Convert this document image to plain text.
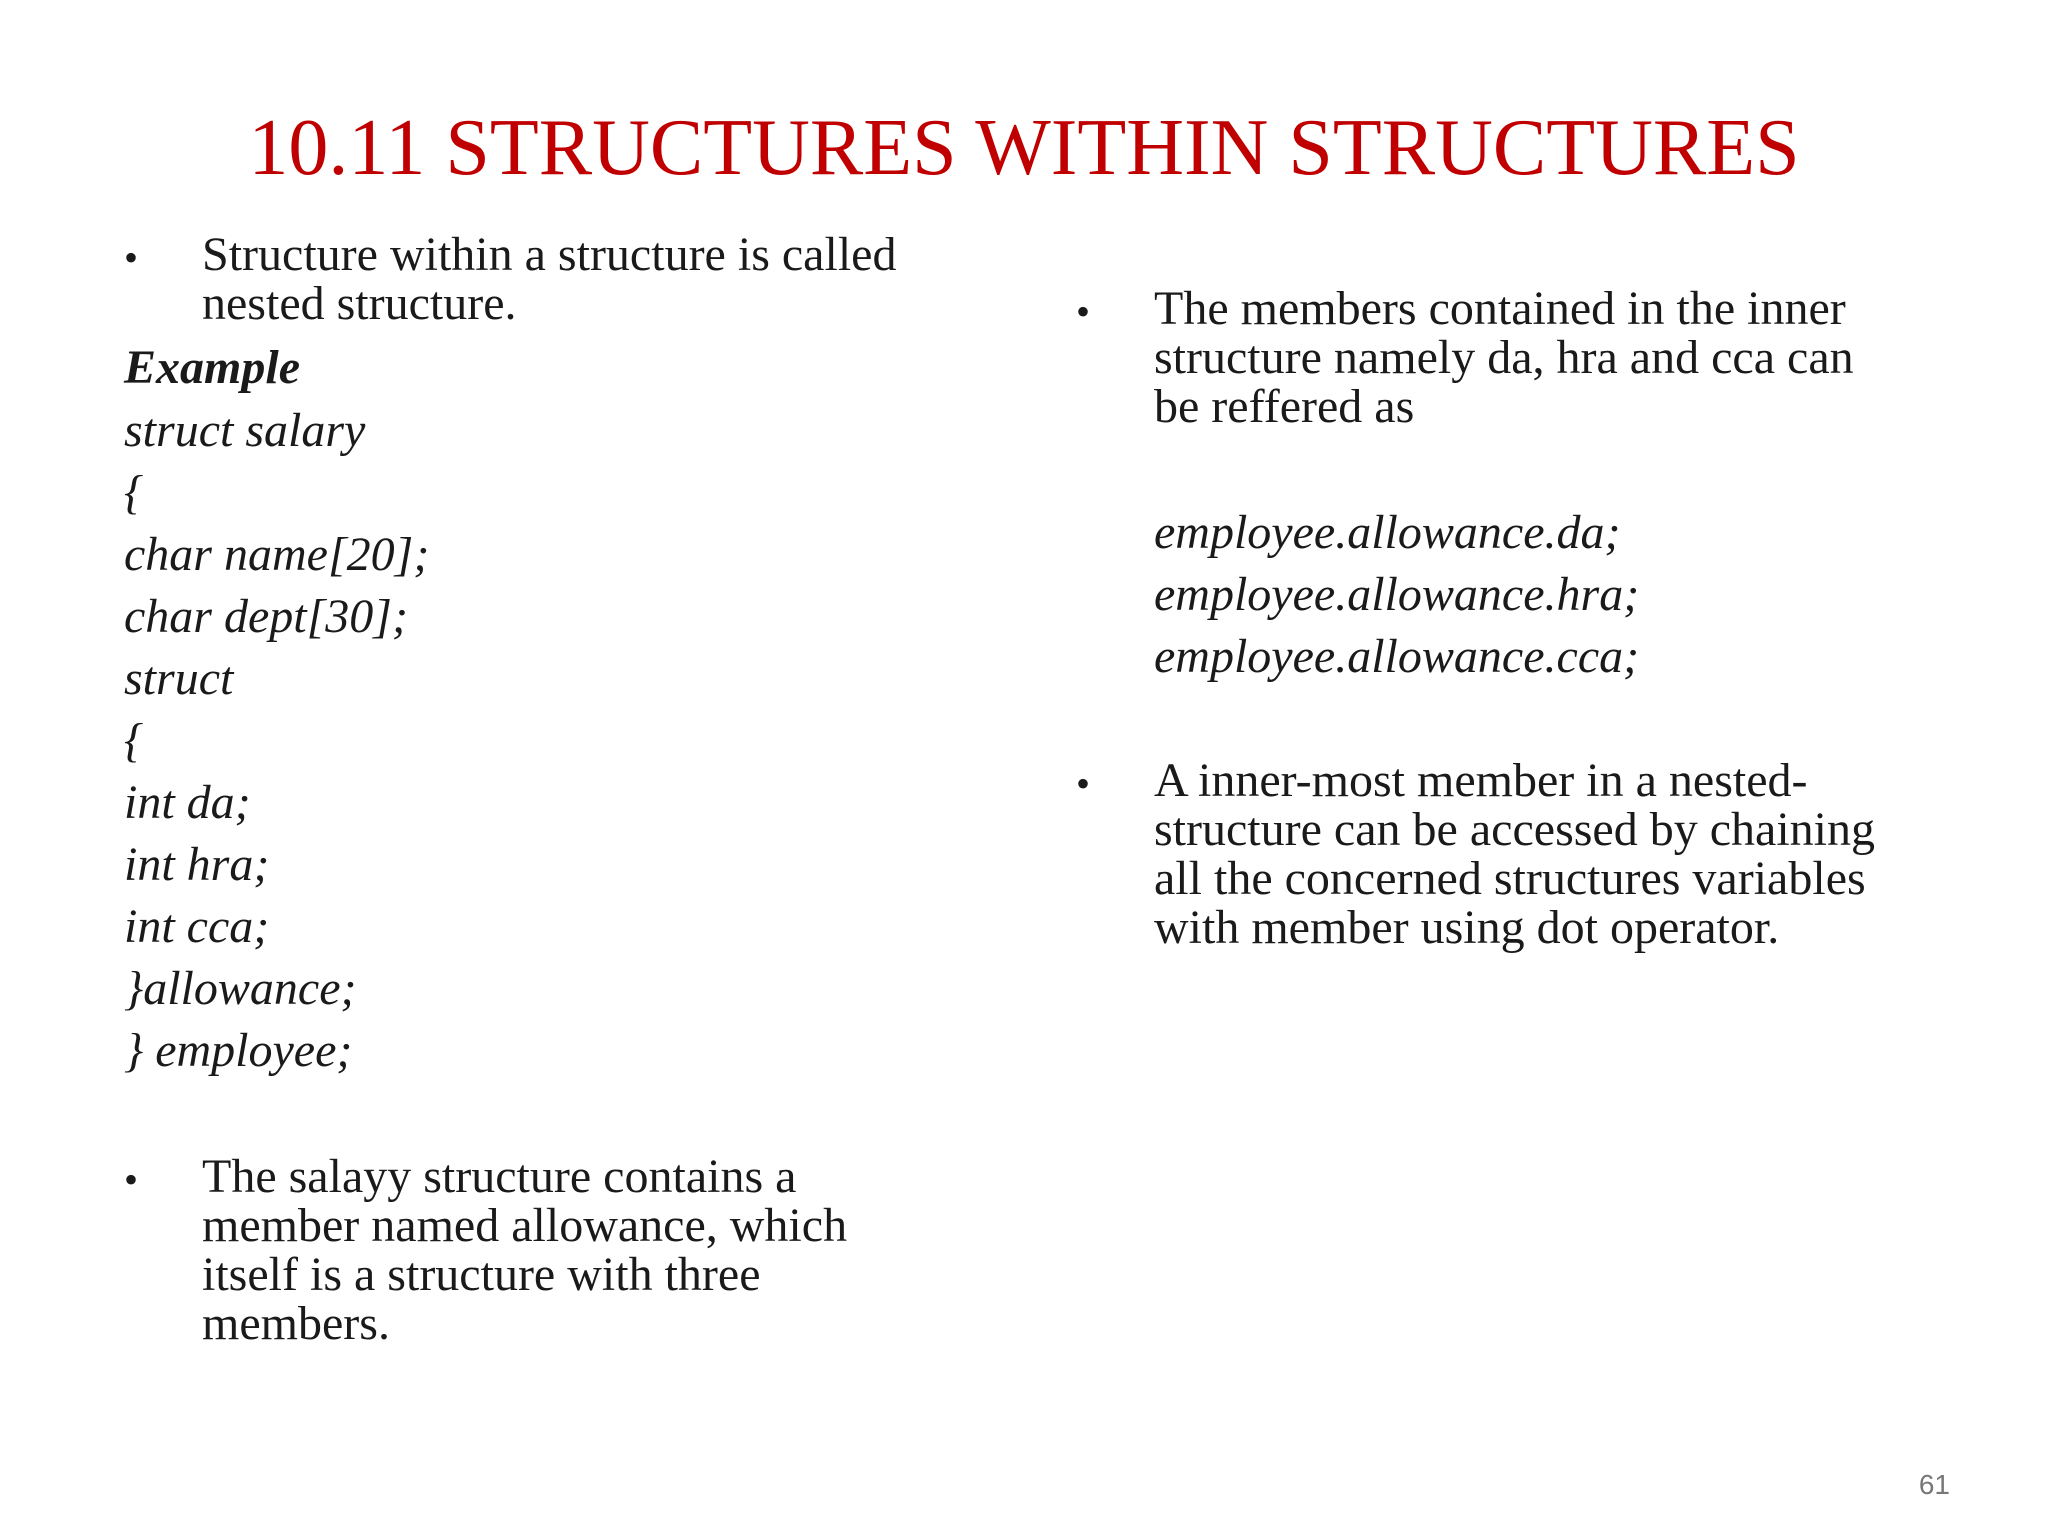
10.11 STRUCTURES WITHIN STRUCTURES
• Structure within a structure is called
nested structure.
Example
struct salary
{
char name[20];
char dept[30];
struct
{
int da;
int hra;
int cca;
}allowance;
} employee;
• The salayy structure contains a
member named allowance, which
itself is a structure with three
members.
• The members contained in the inner
structure namely da, hra and cca can
be reffered as
employee.allowance.da;
employee.allowance.hra;
employee.allowance.cca;
• A inner-most member in a nested-
structure can be accessed by chaining
all the concerned structures variables
with member using dot operator.
61
